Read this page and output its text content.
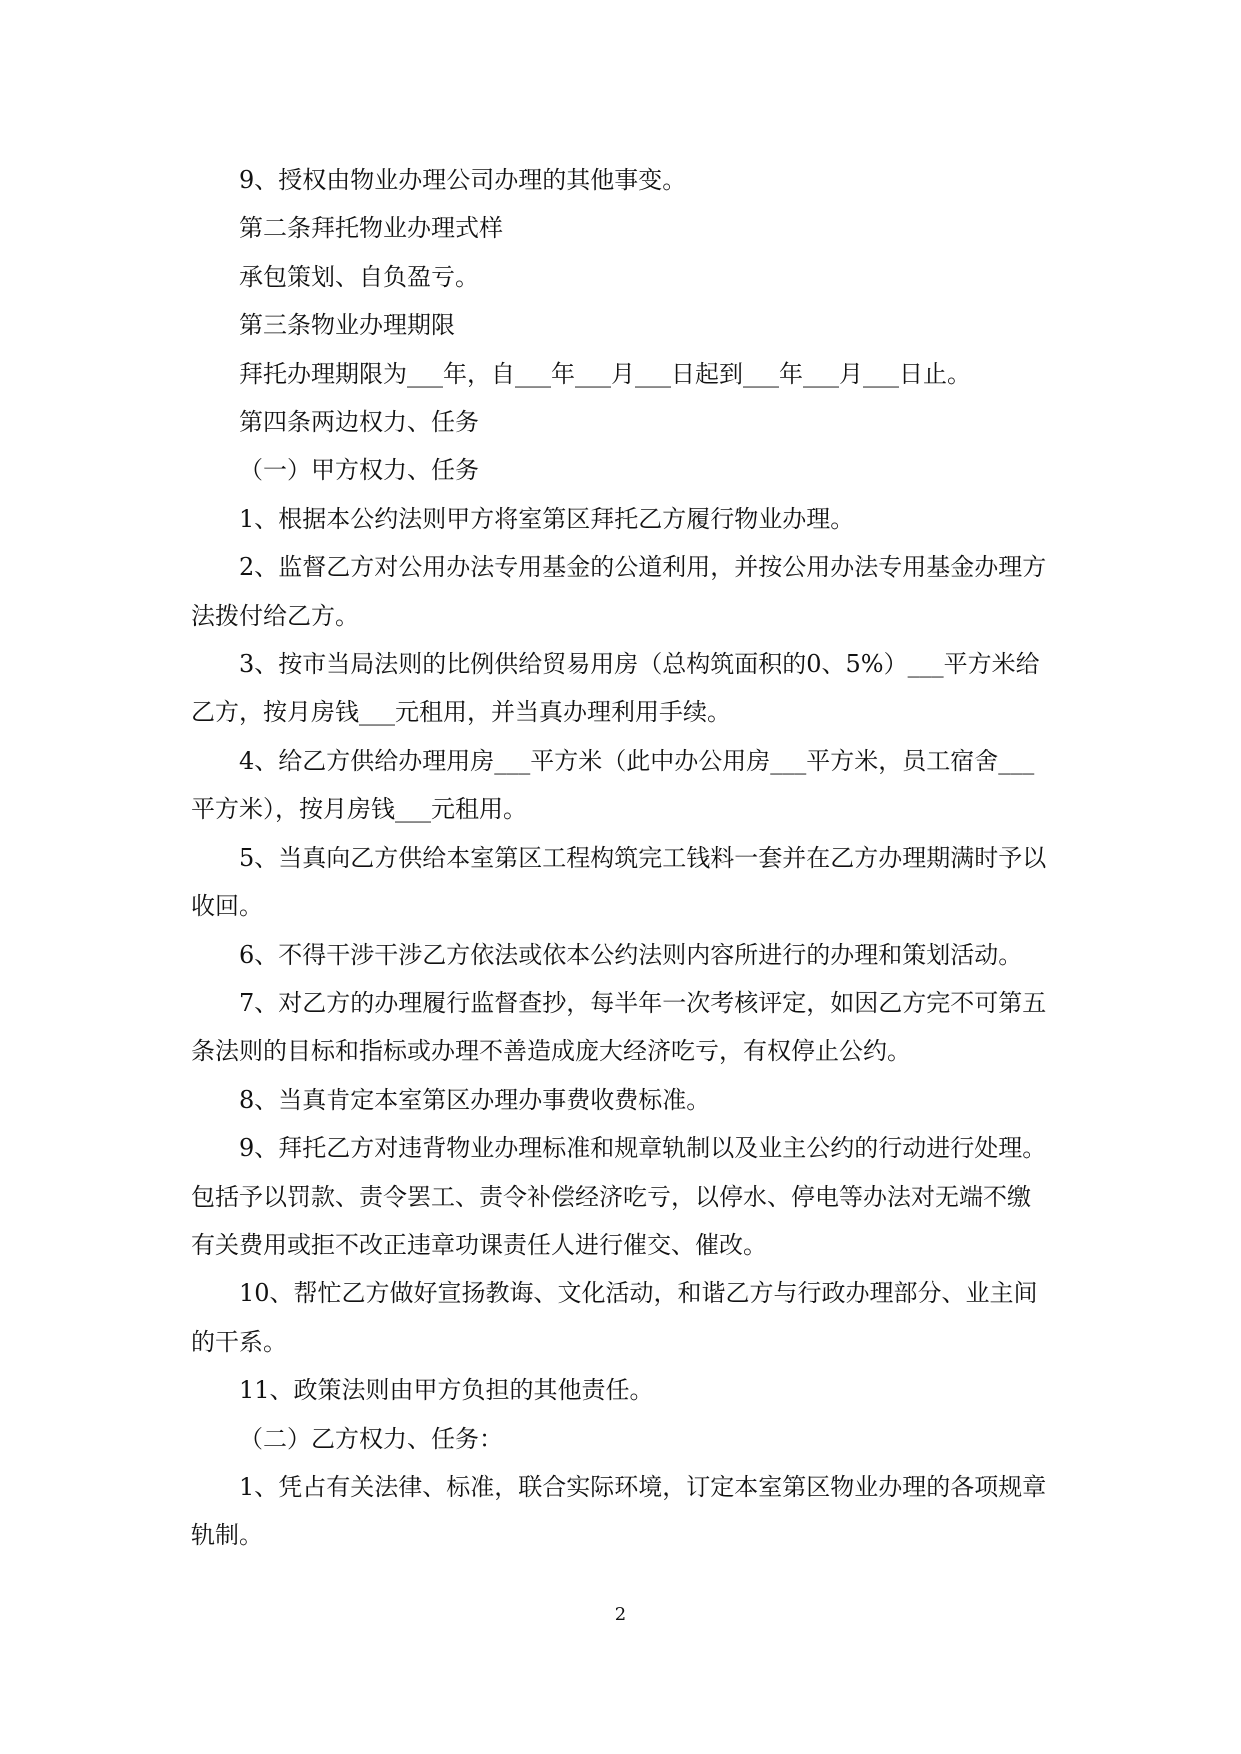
9、授权由物业办理公司办理的其他事变。

第二条拜托物业办理式样

承包策划、自负盈亏。

第三条物业办理期限

拜托办理期限为___年，自___年___月___日起到___年___月___日止。

第四条两边权力、任务

（一）甲方权力、任务

1、根据本公约法则甲方将室第区拜托乙方履行物业办理。

2、监督乙方对公用办法专用基金的公道利用，并按公用办法专用基金办理方法拨付给乙方。

3、按市当局法则的比例供给贸易用房（总构筑面积的0、5%）___平方米给乙方，按月房钱___元租用，并当真办理利用手续。

4、给乙方供给办理用房___平方米（此中办公用房___平方米，员工宿舍___平方米），按月房钱___元租用。

5、当真向乙方供给本室第区工程构筑完工钱料一套并在乙方办理期满时予以收回。

6、不得干涉干涉乙方依法或依本公约法则内容所进行的办理和策划活动。

7、对乙方的办理履行监督查抄，每半年一次考核评定，如因乙方完不可第五条法则的目标和指标或办理不善造成庞大经济吃亏，有权停止公约。

8、当真肯定本室第区办理办事费收费标准。

9、拜托乙方对违背物业办理标准和规章轨制以及业主公约的行动进行处理。包括予以罚款、责令罢工、责令补偿经济吃亏，以停水、停电等办法对无端不缴有关费用或拒不改正违章功课责任人进行催交、催改。

10、帮忙乙方做好宣扬教诲、文化活动，和谐乙方与行政办理部分、业主间的干系。

11、政策法则由甲方负担的其他责任。

（二）乙方权力、任务：

1、凭占有关法律、标准，联合实际环境，订定本室第区物业办理的各项规章轨制。

2
